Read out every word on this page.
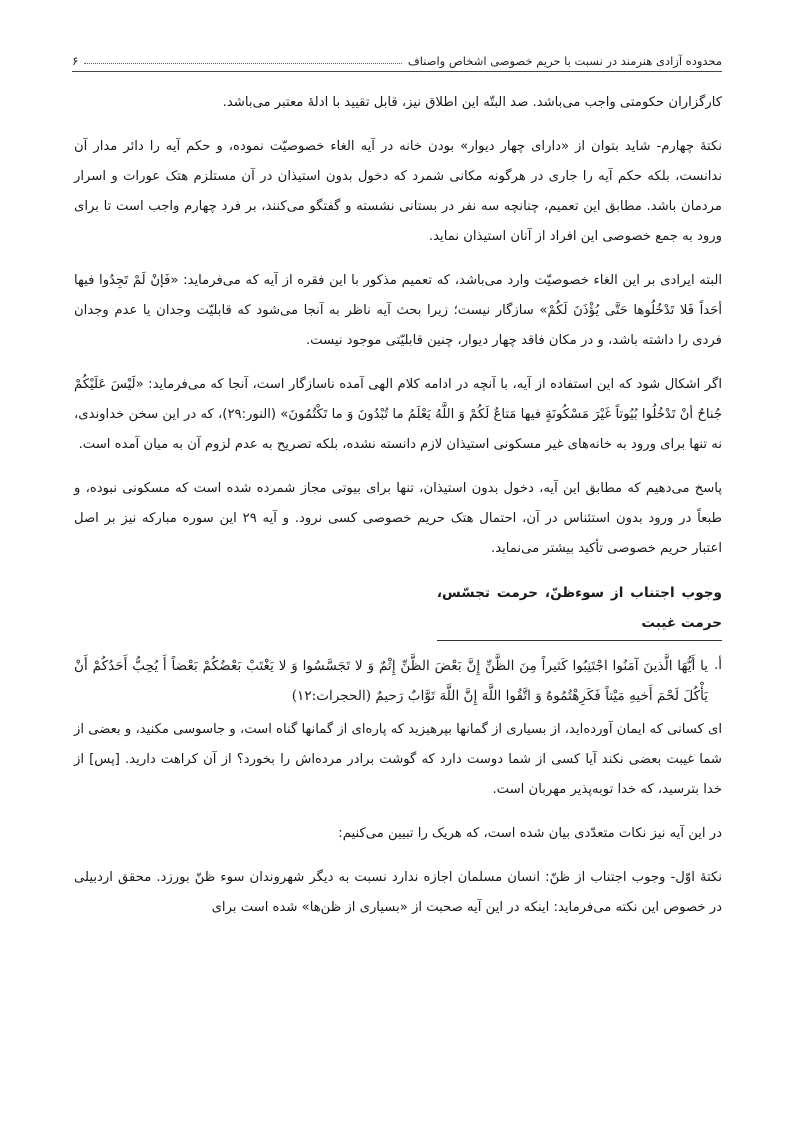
محدوده آزادی هنرمند در نسبت با حریم خصوصی اشخاص واصناف
۶

کارگزاران حکومتی واجب می‌باشد. صد البتّه این اطلاق نیز، قابل تقیید با ادلهٔ معتبر می‌باشد.

نکتهٔ چهارم- شاید بتوان از «دارای چهار دیوار» بودن خانه در آیه الغاء خصوصیّت نموده، و حکم آیه را دائر مدار آن ندانست، بلکه حکم آیه را جاری در هرگونه مکانی شمرد که دخول بدون استیذان در آن مستلزم هتک عورات و اسرار مردمان باشد. مطابق این تعمیم، چنانچه سه نفر در بستانی نشسته و گفتگو می‌کنند، بر فرد چهارم واجب است تا برای ورود به جمع خصوصی این افراد از آنان استیذان نماید.

البته ایرادی بر این الغاء خصوصیّت وارد می‌باشد، که تعمیم مذکور با این فقره از آیه که می‌فرماید: «فَإنْ لَمْ تَجِدُوا فیها أحَداً فَلا تَدْخُلُوها حَتَّی یُؤْذَنَ لَکُمْ» سازگار نیست؛ زیرا بحث آیه ناظر به آنجا می‌شود که قابلیّت وجدان یا عدم وجدان فردی را داشته باشد، و در مکان فاقد چهار دیوار، چنین قابلیّتی موجود نیست.

اگر اشکال شود که این استفاده از آیه، با آنچه در ادامه کلام الهی آمده ناسازگار است، آنجا که می‌فرماید: «لَیْسَ عَلَیْکُمْ جُناحٌ أنْ تَدْخُلُوا بُیُوتاً غَیْرَ مَسْکُونَةٍ فیها مَتاعٌ لَکُمْ وَ اللَّهُ یَعْلَمُ ما تُبْدُونَ وَ ما تَکْتُمُونَ» (النور:۲۹)، که در این سخن خداوندی، نه تنها برای ورود به خانه‌های غیر مسکونی استیذان لازم دانسته نشده، بلکه تصریح به عدم لزوم آن به میان آمده است.

پاسخ می‌دهیم که مطابق این آیه، دخول بدون استیذان، تنها برای بیوتی مجاز شمرده شده است که مسکونی نبوده، و طبعاً در ورود بدون استئناس در آن، احتمال هتک حریم خصوصی کسی نرود. و آیه ۲۹ این سوره مبارکه نیز بر اصل اعتبار حریم خصوصی تأکید بیشتر می‌نماید.

وجوب اجتناب از سوءظنّ، حرمت تجسّس، حرمت غیبت
أ.
یا أَیُّهَا الَّذینَ آمَنُوا اجْتَنِبُوا کَثیراً مِنَ الظَّنِّ إِنَّ بَعْضَ الظَّنِّ إِثْمٌ وَ لا تَجَسَّسُوا وَ لا یَغْتَبْ بَعْضُکُمْ بَعْضاً أَ یُحِبُّ أَحَدُکُمْ أَنْ یَأْکُلَ لَحْمَ أَخیهِ مَیْتاً فَکَرِهْتُمُوهُ وَ اتَّقُوا اللَّهَ إِنَّ اللَّهَ تَوَّابٌ رَحیمٌ (الحجرات:۱۲)

ای کسانی که ایمان آورده‌اید، از بسیاری از گمانها بپرهیزید که پاره‌ای از گمانها گناه است، و جاسوسی مکنید، و بعضی از شما غیبت بعضی نکند آیا کسی از شما دوست دارد که گوشت برادر مرده‌اش را بخورد؟ از آن کراهت دارید. [پس] از خدا بترسید، که خدا توبه‌پذیر مهربان است.

در این آیه نیز نکات متعدّدی بیان شده است، که هریک را تبیین می‌کنیم:

نکتهٔ اوّل- وجوب اجتناب از ظنّ: انسان مسلمان اجازه ندارد نسبت به دیگر شهروندان سوء ظنّ بورزد. محقق اردبیلی در خصوص این نکته می‌فرماید: اینکه در این آیه صحبت از «بسیاری از ظن‌ها» شده است برای
